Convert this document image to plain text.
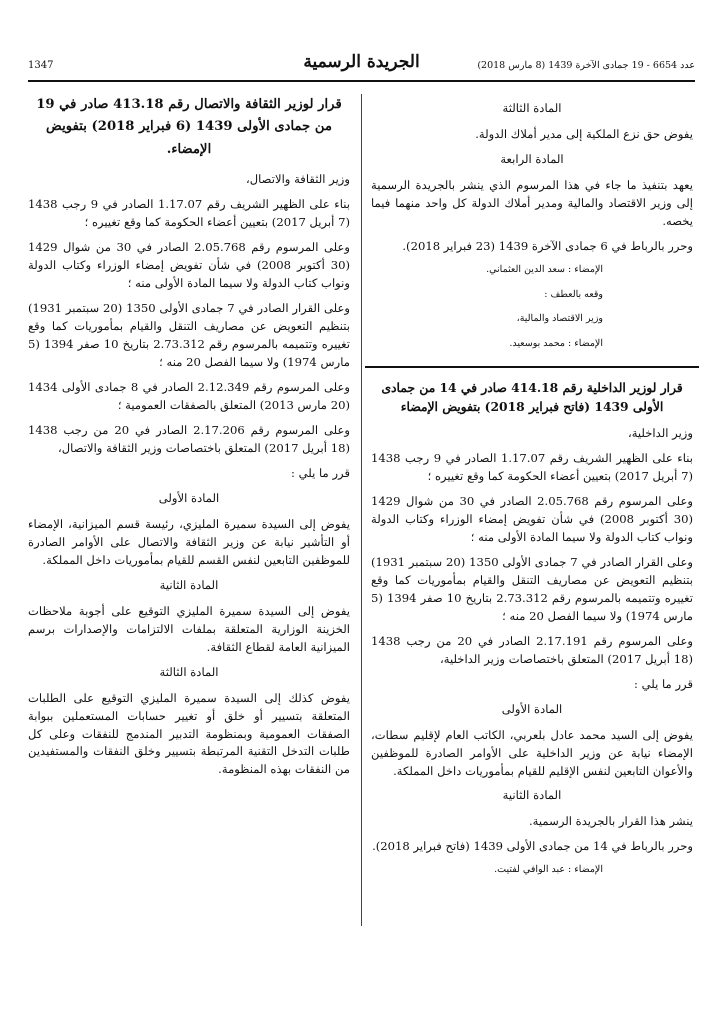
الجريدة الرسمية	عدد 6654 - 19 جمادى الآخرة 1439 (8 مارس 2018)
1347

المادة الثالثة

يفوض حق نزع الملكية إلى مدير أملاك الدولة.

المادة الرابعة

يعهد بتنفيذ ما جاء في هذا المرسوم الذي ينشر بالجريدة الرسمية إلى وزير الاقتصاد والمالية ومدير أملاك الدولة كل واحد منهما فيما يخصه.

وحرر بالرباط في 6 جمادى الآخرة 1439 (23 فبراير 2018).

الإمضاء : سعد الدين العثماني.

وقعه بالعطف :

وزير الاقتصاد والمالية،

الإمضاء : محمد بوسعيد.

قرار لوزير الداخلية رقم 414.18 صادر في 14 من جمادى الأولى 1439 (فاتح فبراير 2018) بتفويض الإمضاء

وزير الداخلية،

بناء على الظهير الشريف رقم 1.17.07 الصادر في 9 رجب 1438 (7 أبريل 2017) بتعيين أعضاء الحكومة كما وقع تغييره ؛

وعلى المرسوم رقم 2.05.768 الصادر في 30 من شوال 1429 (30 أكتوبر 2008) في شأن تفويض إمضاء الوزراء وكتاب الدولة ونواب كتاب الدولة ولا سيما المادة الأولى منه ؛

وعلى القرار الصادر في 7 جمادى الأولى 1350 (20 سبتمبر 1931) بتنظيم التعويض عن مصاريف التنقل والقيام بمأموريات كما وقع تغييره وتتميمه بالمرسوم رقم 2.73.312 بتاريخ 10 صفر 1394 (5 مارس 1974) ولا سيما الفصل 20 منه ؛

وعلى المرسوم رقم 2.17.191 الصادر في 20 من رجب 1438 (18 أبريل 2017) المتعلق باختصاصات وزير الداخلية،

قرر ما يلي :

المادة الأولى

يفوض إلى السيد محمد عادل بلعربي، الكاتب العام لإقليم سطات، الإمضاء نيابة عن وزير الداخلية على الأوامر الصادرة للموظفين والأعوان التابعين لنفس الإقليم للقيام بمأموريات داخل المملكة.

المادة الثانية

ينشر هذا القرار بالجريدة الرسمية.

وحرر بالرباط في 14 من جمادى الأولى 1439 (فاتح فبراير 2018).

الإمضاء : عبد الوافي لفتيت.

قرار لوزير الثقافة والاتصال رقم 413.18 صادر في 19 من جمادى الأولى 1439 (6 فبراير 2018) بتفويض الإمضاء.

وزير الثقافة والاتصال،

بناء على الظهير الشريف رقم 1.17.07 الصادر في 9 رجب 1438 (7 أبريل 2017) بتعيين أعضاء الحكومة كما وقع تغييره ؛

وعلى المرسوم رقم 2.05.768 الصادر في 30 من شوال 1429 (30 أكتوبر 2008) في شأن تفويض إمضاء الوزراء وكتاب الدولة ونواب كتاب الدولة ولا سيما المادة الأولى منه ؛

وعلى القرار الصادر في 7 جمادى الأولى 1350 (20 سبتمبر 1931) بتنظيم التعويض عن مصاريف التنقل والقيام بمأموريات كما وقع تغييره وتتميمه بالمرسوم رقم 2.73.312 بتاريخ 10 صفر 1394 (5 مارس 1974) ولا سيما الفصل 20 منه ؛

وعلى المرسوم رقم 2.12.349 الصادر في 8 جمادى الأولى 1434 (20 مارس 2013) المتعلق بالصفقات العمومية ؛

وعلى المرسوم رقم 2.17.206 الصادر في 20 من رجب 1438 (18 أبريل 2017) المتعلق باختصاصات وزير الثقافة والاتصال،

قرر ما يلي :

المادة الأولى

يفوض إلى السيدة سميرة المليزي، رئيسة قسم الميزانية، الإمضاء أو التأشير نيابة عن وزير الثقافة والاتصال على الأوامر الصادرة للموظفين التابعين لنفس القسم للقيام بمأموريات داخل المملكة.

المادة الثانية

يفوض إلى السيدة سميرة المليزي التوقيع على أجوبة ملاحظات الخزينة الوزارية المتعلقة بملفات الالتزامات والإصدارات برسم الميزانية العامة لقطاع الثقافة.

المادة الثالثة

يفوض كذلك إلى السيدة سميرة المليزي التوقيع على الطلبات المتعلقة بتسيير أو خلق أو تغيير حسابات المستعملين ببوابة الصفقات العمومية وبمنظومة التدبير المندمج للنفقات وعلى كل طلبات التدخل التقنية المرتبطة بتسيير وخلق النفقات والمستفيدين من النفقات بهذه المنظومة.
